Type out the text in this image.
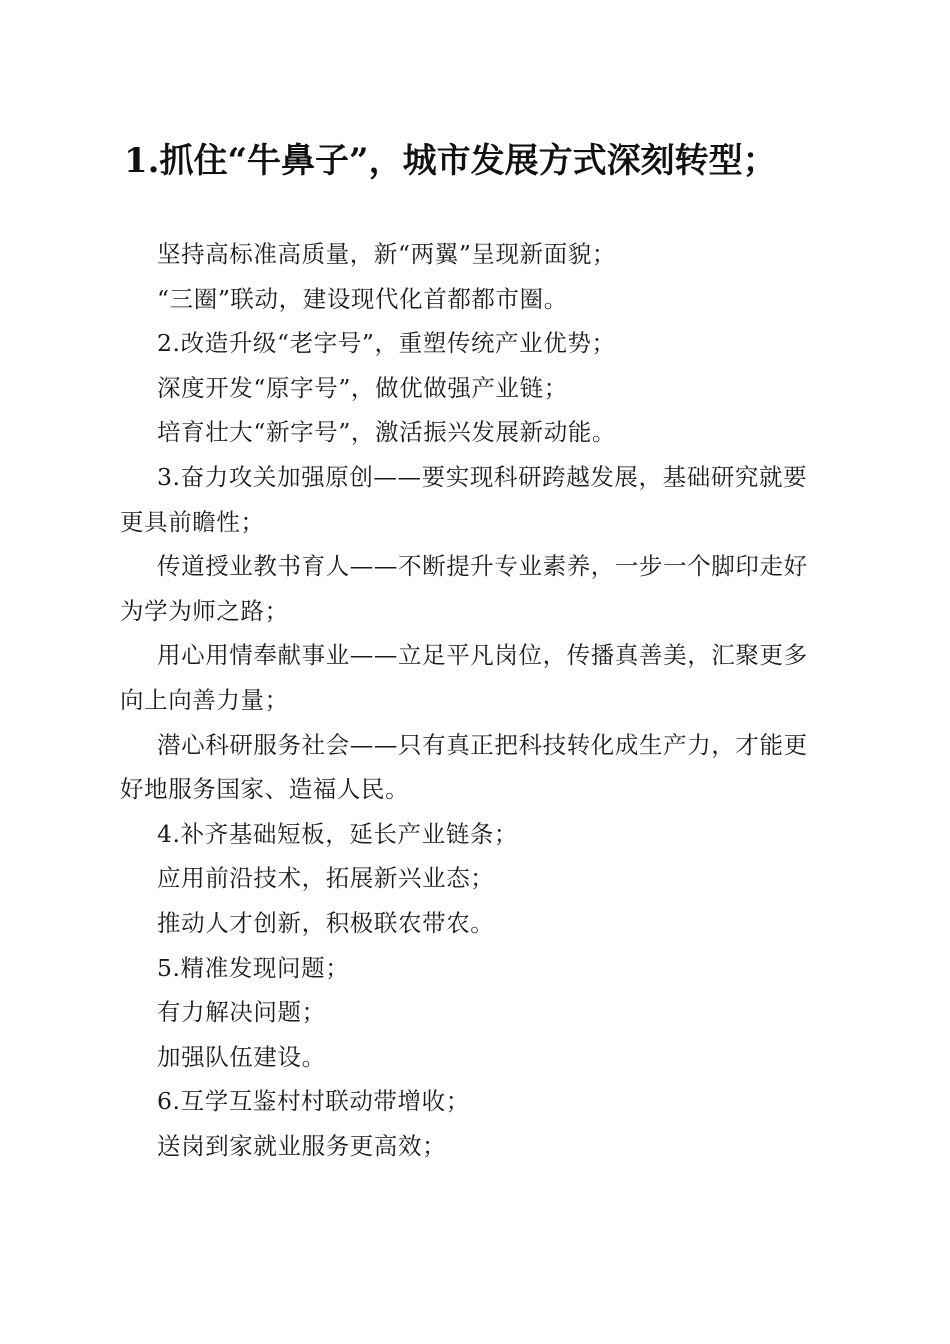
1.抓住“牛鼻子”，城市发展方式深刻转型；

坚持高标准高质量，新“两翼”呈现新面貌；

“三圈”联动，建设现代化首都都市圈。

2.改造升级“老字号”，重塑传统产业优势；

深度开发“原字号”，做优做强产业链；

培育壮大“新字号”，激活振兴发展新动能。

3.奋力攻关加强原创——要实现科研跨越发展，基础研究就要更具前瞻性；

传道授业教书育人——不断提升专业素养，一步一个脚印走好为学为师之路；

用心用情奉献事业——立足平凡岗位，传播真善美，汇聚更多向上向善力量；

潜心科研服务社会——只有真正把科技转化成生产力，才能更好地服务国家、造福人民。

4.补齐基础短板，延长产业链条；

应用前沿技术，拓展新兴业态；

推动人才创新，积极联农带农。

5.精准发现问题；

有力解决问题；

加强队伍建设。

6.互学互鉴村村联动带增收；

送岗到家就业服务更高效；
